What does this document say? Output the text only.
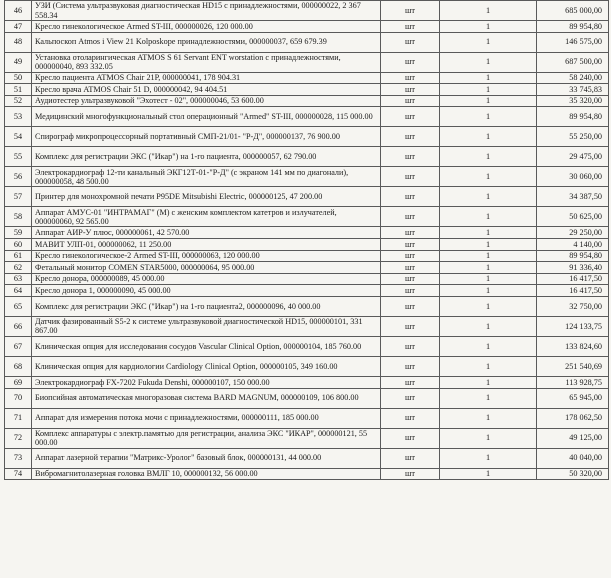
46	УЗИ (Система ультразвуковая диагностическая HD15 с принадлежностями, 000000022, 2 367 558.34	шт	1	685 000,00
47	Кресло гинекологическое Armed ST-III, 000000026, 120 000.00	шт	1	89 954,80
48	Кальпоскоп Atmos i View 21 Kolposkope принадлежностями, 000000037, 659 679.39	шт	1	146 575,00
49	Установка отоларингическая ATMOS S 61 Servant ENT worstation с принадлежностями, 000000040, 893 332.05	шт	1	687 500,00
50	Кресло пациента ATMOS Chair 21P, 000000041, 178 904.31	шт	1	58 240,00
51	Кресло врача ATMOS Chair 51 D, 000000042, 94 404.51	шт	1	33 745,83
52	Аудиотестер ультразвуковой "Эхотест - 02", 000000046, 53 600.00	шт	1	35 320,00
53	Медицинский многофункциональный стол операционный "Armed" ST-III, 000000028, 115 000.00	шт	1	89 954,80
54	Спирограф микропроцессорный портативный СМП-21/01- "Р-Д", 000000137, 76 900.00	шт	1	55 250,00
55	Комплекс для регистрации ЭКС ("Икар") на 1-го пациента, 000000057, 62 790.00	шт	1	29 475,00
56	Электрокардиограф 12-ти канальный ЭКГ12Т-01-"Р-Д" (с экраном 141 мм по диагонали), 000000058, 48 500.00	шт	1	30 060,00
57	Принтер для монохромной печати P95DE Mitsubishi Electric, 000000125, 47 200.00	шт	1	34 387,50
58	Аппарат АМУС-01 "ИНТРАМАГ" (М) с женским комплектом катетров и излучателей, 000000060, 92 565.00	шт	1	50 625,00
59	Аппарат АИР-У плюс, 000000061, 42 570.00	шт	1	29 250,00
60	МАВИТ УЛП-01, 000000062, 11 250.00	шт	1	4 140,00
61	Кресло гинекологическое-2 Armed ST-III, 000000063, 120 000.00	шт	1	89 954,80
62	Фетальный монитор COMEN STAR5000, 000000064, 95 000.00	шт	1	91 336,40
63	Кресло донора, 000000089, 45 000.00	шт	1	16 417,50
64	Кресло донора 1, 000000090, 45 000.00	шт	1	16 417,50
65	Комплекс для регистрации ЭКС ("Икар") на 1-го пациента2, 000000096, 40 000.00	шт	1	32 750,00
66	Датчик фазированный S5-2 к системе ультразвуковой диагностической HD15, 000000101, 331 867.00	шт	1	124 133,75
67	Клиническая опция для исследования сосудов Vascular Clinical Option, 000000104, 185 760.00	шт	1	133 824,60
68	Клиническая опция для кардиологии Cardiology Clinical Option, 000000105, 349 160.00	шт	1	251 540,69
69	Электрокардиограф FX-7202 Fukuda Denshi, 000000107, 150 000.00	шт	1	113 928,75
70	Биопсийная автоматическая многоразовая система BARD MAGNUM, 000000109, 106 800.00	шт	1	65 945,00
71	Аппарат для измерения потока мочи с принадлежностями, 000000111, 185 000.00	шт	1	178 062,50
72	Комплекс аппаратуры с электр.памятью для регистрации, анализа ЭКС "ИКАР", 000000121, 55 000.00	шт	1	49 125,00
73	Аппарат лазерной терапии "Матрикс-Уролог" базовый блок, 000000131, 44 000.00	шт	1	40 040,00
74	Вибромагнитолазерная головка ВМЛГ 10, 000000132, 56 000.00	шт	1	50 320,00
